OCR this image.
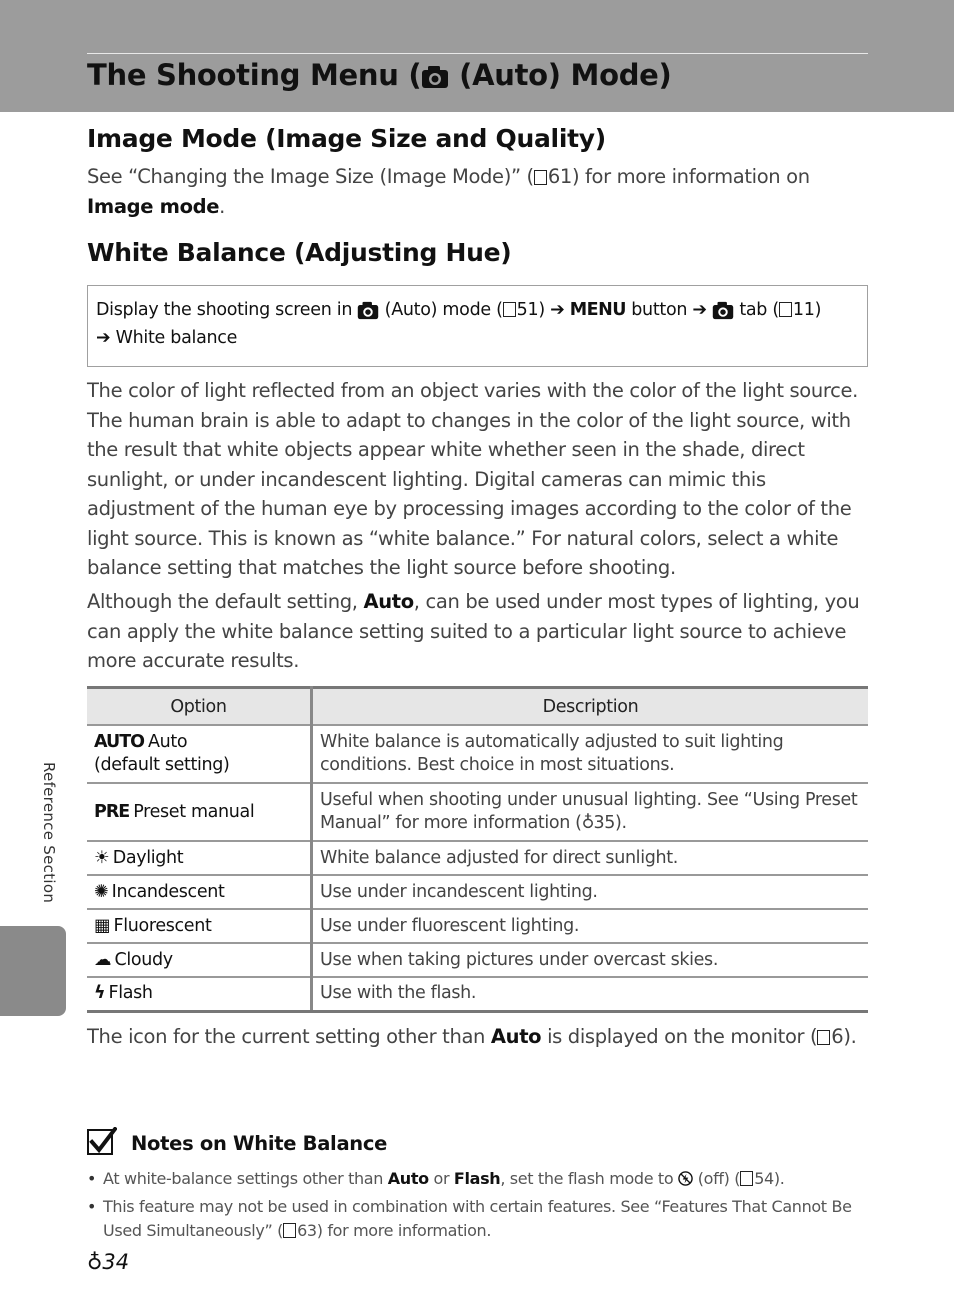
The Shooting Menu ( (Auto) Mode)
Image Mode (Image Size and Quality)
See “Changing the Image Size (Image Mode)” ( 61) for more information on Image mode.
White Balance (Adjusting Hue)
Display the shooting screen in  (Auto) mode ( 51) ➔ MENU button ➔  tab ( 11)
➔ White balance
The color of light reflected from an object varies with the color of the light source. The human brain is able to adapt to changes in the color of the light source, with the result that white objects appear white whether seen in the shade, direct sunlight, or under incandescent lighting. Digital cameras can mimic this adjustment of the human eye by processing images according to the color of the light source. This is known as “white balance.” For natural colors, select a white balance setting that matches the light source before shooting.
Although the default setting, Auto, can be used under most types of lighting, you can apply the white balance setting suited to a particular light source to achieve more accurate results.
Option	Description
AUTO Auto
(default setting)	White balance is automatically adjusted to suit lighting conditions. Best choice in most situations.
PRE Preset manual	Useful when shooting under unusual lighting. See “Using Preset Manual” for more information (♁35).
☀ Daylight	White balance adjusted for direct sunlight.
✺ Incandescent	Use under incandescent lighting.
▦ Fluorescent	Use under fluorescent lighting.
☁ Cloudy	Use when taking pictures under overcast skies.
ϟ Flash	Use with the flash.
The icon for the current setting other than Auto is displayed on the monitor ( 6).
Notes on White Balance
• At white-balance settings other than Auto or Flash, set the flash mode to  (off) ( 54).
• This feature may not be used in combination with certain features. See “Features That Cannot Be Used Simultaneously” ( 63) for more information.
Reference Section
♁34
